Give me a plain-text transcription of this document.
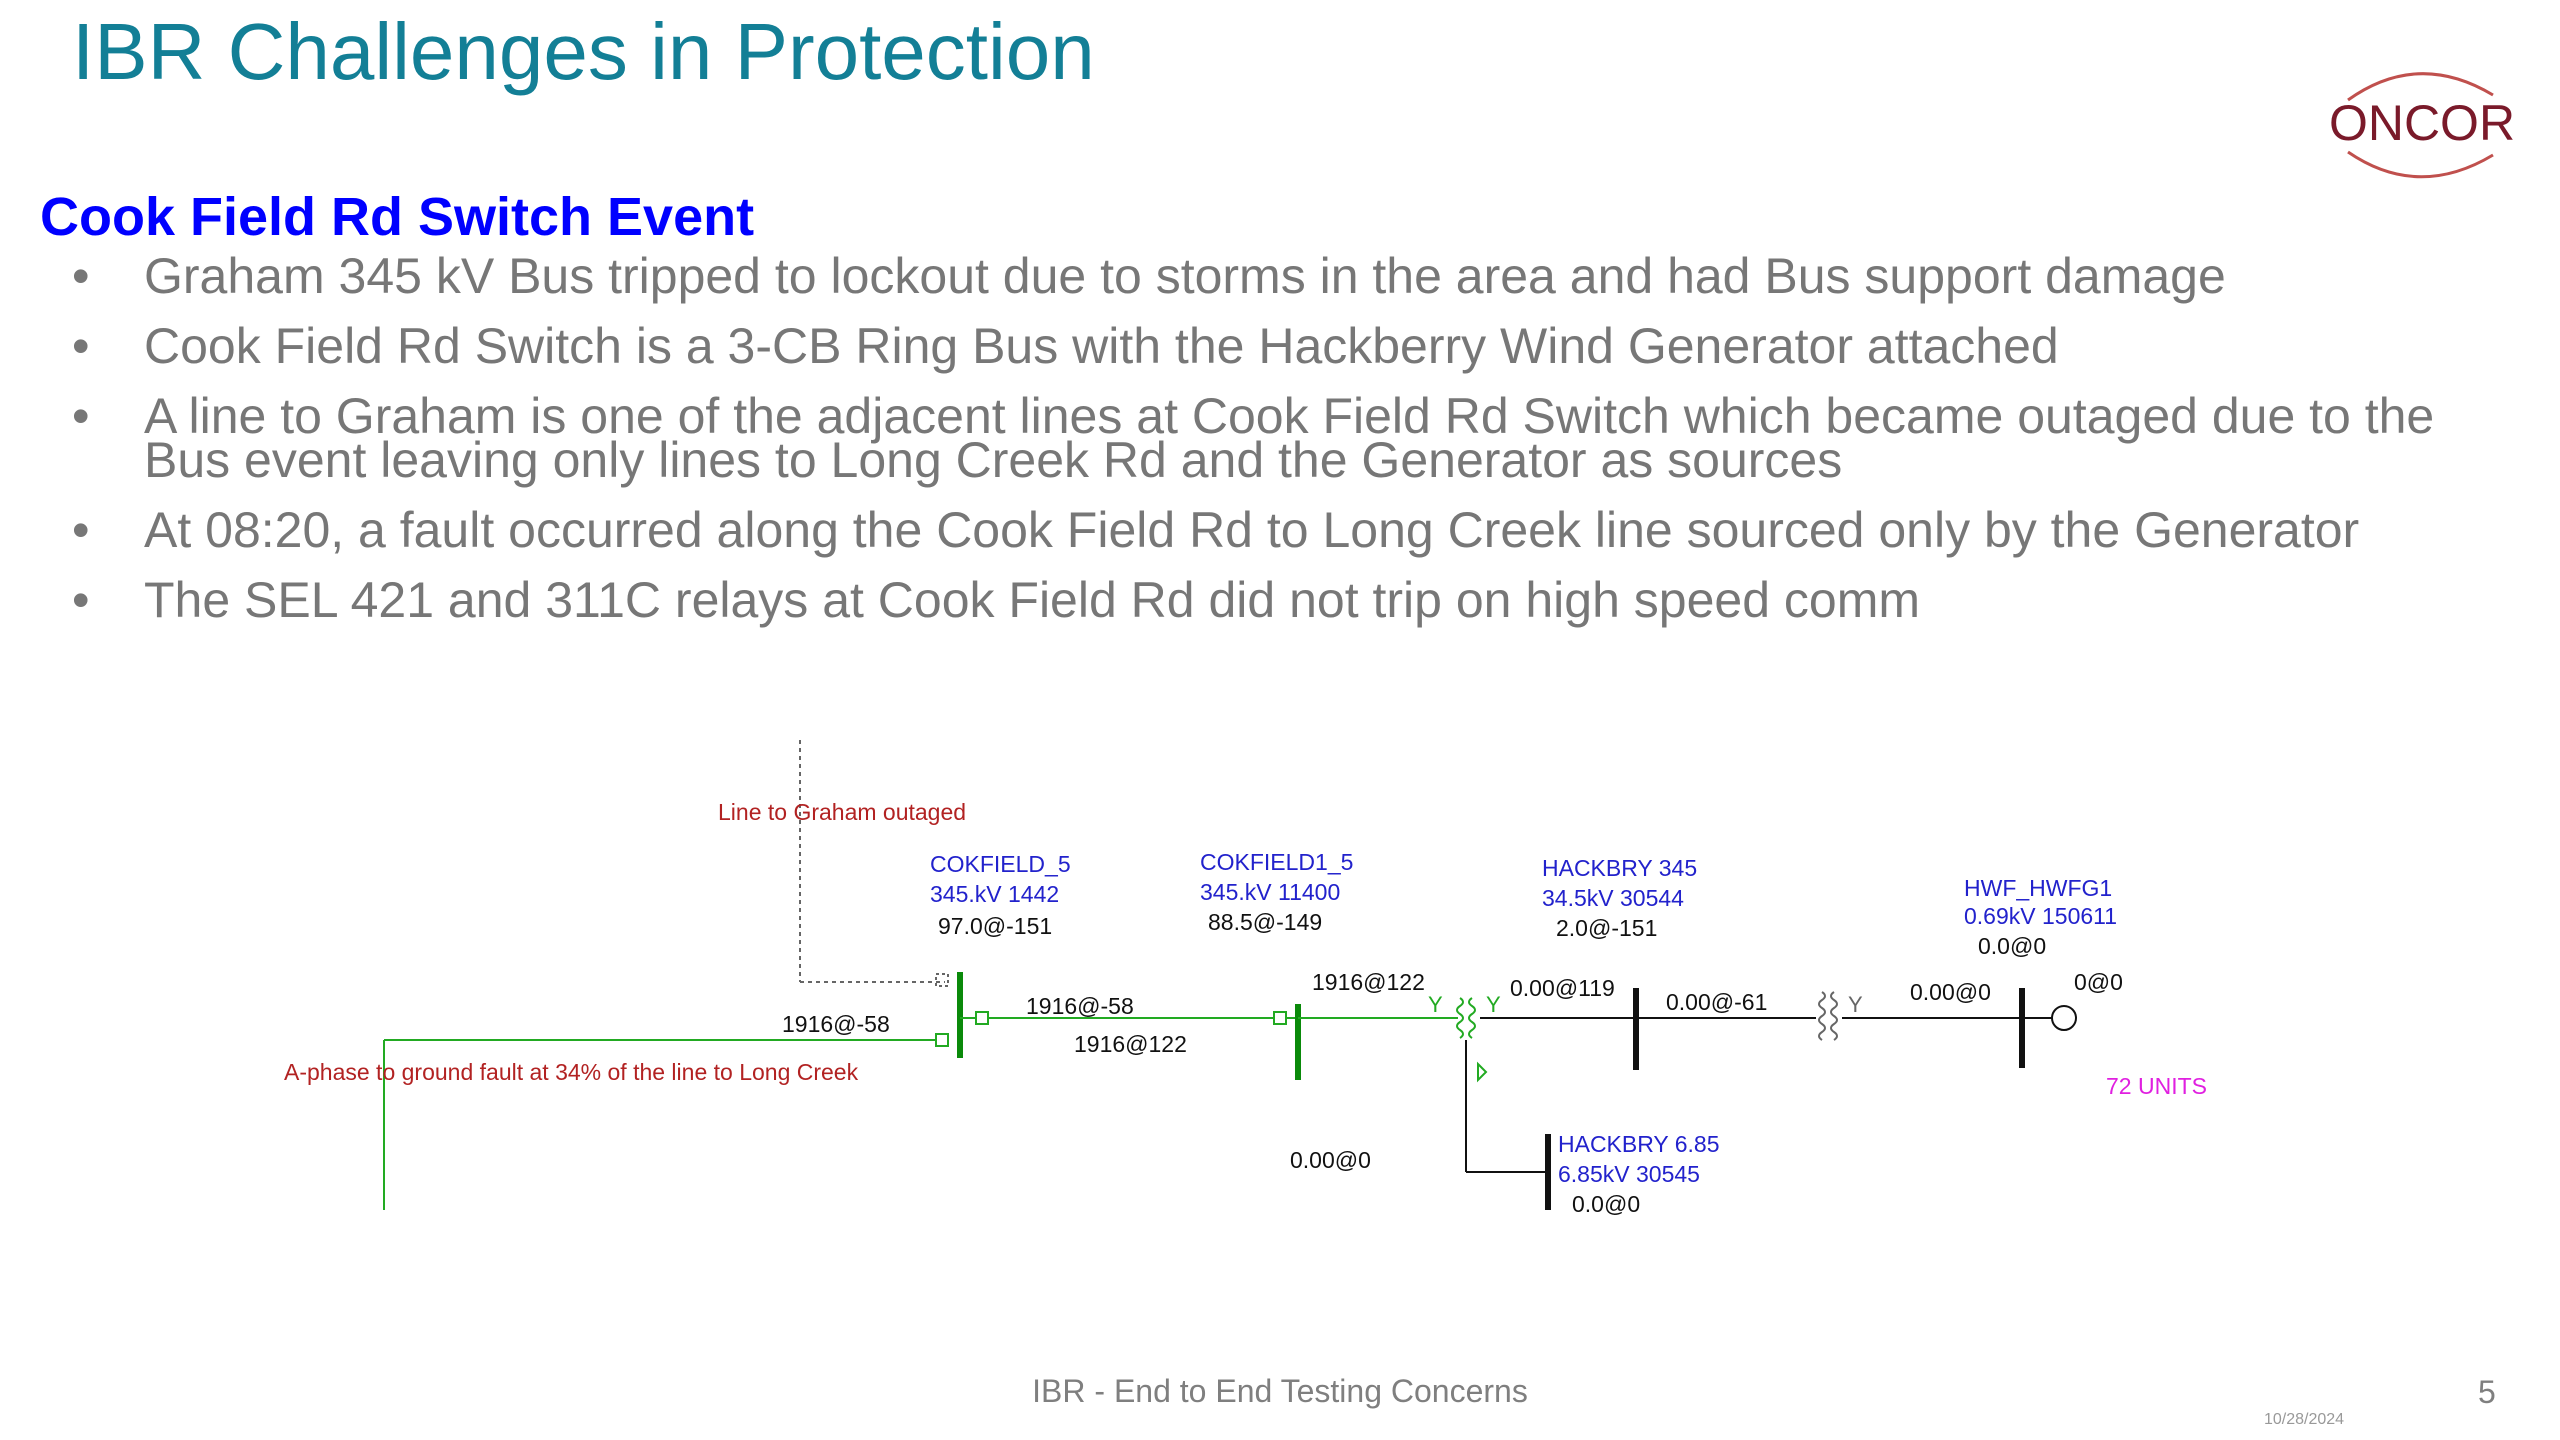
IBR Challenges in Protection
ONCOR
Cook Field Rd Switch Event
•	Graham 345 kV Bus tripped to lockout due to storms in the area and had Bus support damage
•	Cook Field Rd Switch is a 3-CB Ring Bus with the Hackberry Wind Generator attached
•	A line to Graham is one of the adjacent lines at Cook Field Rd Switch which became outaged due to the Bus event leaving only lines to Long Creek Rd and the Generator as sources
•	At 08:20, a fault occurred along the Cook Field Rd to Long Creek line sourced only by the Generator
•	The SEL 421 and 311C relays at Cook Field Rd did not trip on high speed comm
Y Y	Y
Line to Graham outaged
A-phase to ground fault at 34% of the line to Long Creek
72 UNITS
COKFIELD_5
345.kV 1442
97.0@-151
COKFIELD1_5
345.kV 11400
88.5@-149
HACKBRY 345
34.5kV 30544
2.0@-151
HWF_HWFG1
0.69kV 150611
0.0@0
HACKBRY 6.85
6.85kV 30545
0.0@0
1916@-58
1916@-58
1916@122
1916@122	0.00@119
0.00@-61	0.00@0	0@0
0.00@0
IBR - End to End Testing Concerns
10/28/2024
5
